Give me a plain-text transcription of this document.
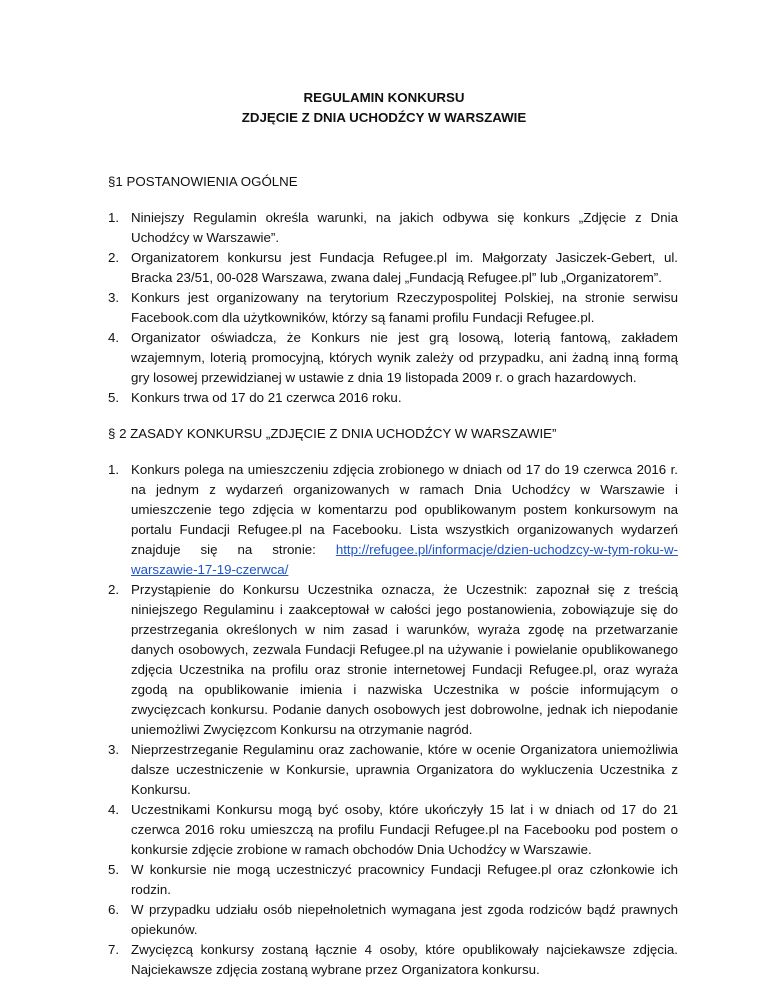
REGULAMIN KONKURSU
ZDJĘCIE Z DNIA UCHODŹCY W WARSZAWIE
§1 POSTANOWIENIA OGÓLNE
1. Niniejszy Regulamin określa warunki, na jakich odbywa się konkurs „Zdjęcie z Dnia Uchodźcy w Warszawie”.
2. Organizatorem konkursu jest Fundacja Refugee.pl im. Małgorzaty Jasiczek-Gebert, ul. Bracka 23/51, 00-028 Warszawa, zwana dalej „Fundacją Refugee.pl” lub „Organizatorem”.
3. Konkurs jest organizowany na terytorium Rzeczypospolitej Polskiej, na stronie serwisu Facebook.com dla użytkowników, którzy są fanami profilu Fundacji Refugee.pl.
4. Organizator oświadcza, że Konkurs nie jest grą losową, loterią fantową, zakładem wzajemnym, loterią promocyjną, których wynik zależy od przypadku, ani żadną inną formą gry losowej przewidzianej w ustawie z dnia 19 listopada 2009 r. o grach hazardowych.
5. Konkurs trwa od 17 do 21 czerwca 2016 roku.
§ 2 ZASADY KONKURSU „ZDJĘCIE Z DNIA UCHODŹCY W WARSZAWIE”
1. Konkurs polega na umieszczeniu zdjęcia zrobionego w dniach od 17 do 19 czerwca 2016 r. na jednym z wydarzeń organizowanych w ramach Dnia Uchodźcy w Warszawie i umieszczenie tego zdjęcia w komentarzu pod opublikowanym postem konkursowym na portalu Fundacji Refugee.pl na Facebooku. Lista wszystkich organizowanych wydarzeń znajduje się na stronie: http://refugee.pl/informacje/dzien-uchodzcy-w-tym-roku-w-warszawie-17-19-czerwca/
2. Przystąpienie do Konkursu Uczestnika oznacza, że Uczestnik: zapoznał się z treścią niniejszego Regulaminu i zaakceptował w całości jego postanowienia, zobowiązuje się do przestrzegania określonych w nim zasad i warunków, wyraża zgodę na przetwarzanie danych osobowych, zezwala Fundacji Refugee.pl na używanie i powielanie opublikowanego zdjęcia Uczestnika na profilu oraz stronie internetowej Fundacji Refugee.pl, oraz wyraża zgodą na opublikowanie imienia i nazwiska Uczestnika w poście informującym o zwycięzcach konkursu. Podanie danych osobowych jest dobrowolne, jednak ich niepodanie uniemożliwi Zwycięzcom Konkursu na otrzymanie nagród.
3. Nieprzestrzeganie Regulaminu oraz zachowanie, które w ocenie Organizatora uniemożliwia dalsze uczestniczenie w Konkursie, uprawnia Organizatora do wykluczenia Uczestnika z Konkursu.
4. Uczestnikami Konkursu mogą być osoby, które ukończyły 15 lat i w dniach od 17 do 21 czerwca 2016 roku umieszczą na profilu Fundacji Refugee.pl na Facebooku pod postem o konkursie zdjęcie zrobione w ramach obchodów Dnia Uchodźcy w Warszawie.
5. W konkursie nie mogą uczestniczyć pracownicy Fundacji Refugee.pl oraz członkowie ich rodzin.
6. W przypadku udziału osób niepełnoletnich wymagana jest zgoda rodziców bądź prawnych opiekunów.
7. Zwycięzcą konkursy zostaną łącznie 4 osoby, które opublikowały najciekawsze zdjęcia. Najciekawsze zdjęcia zostaną wybrane przez Organizatora konkursu.
